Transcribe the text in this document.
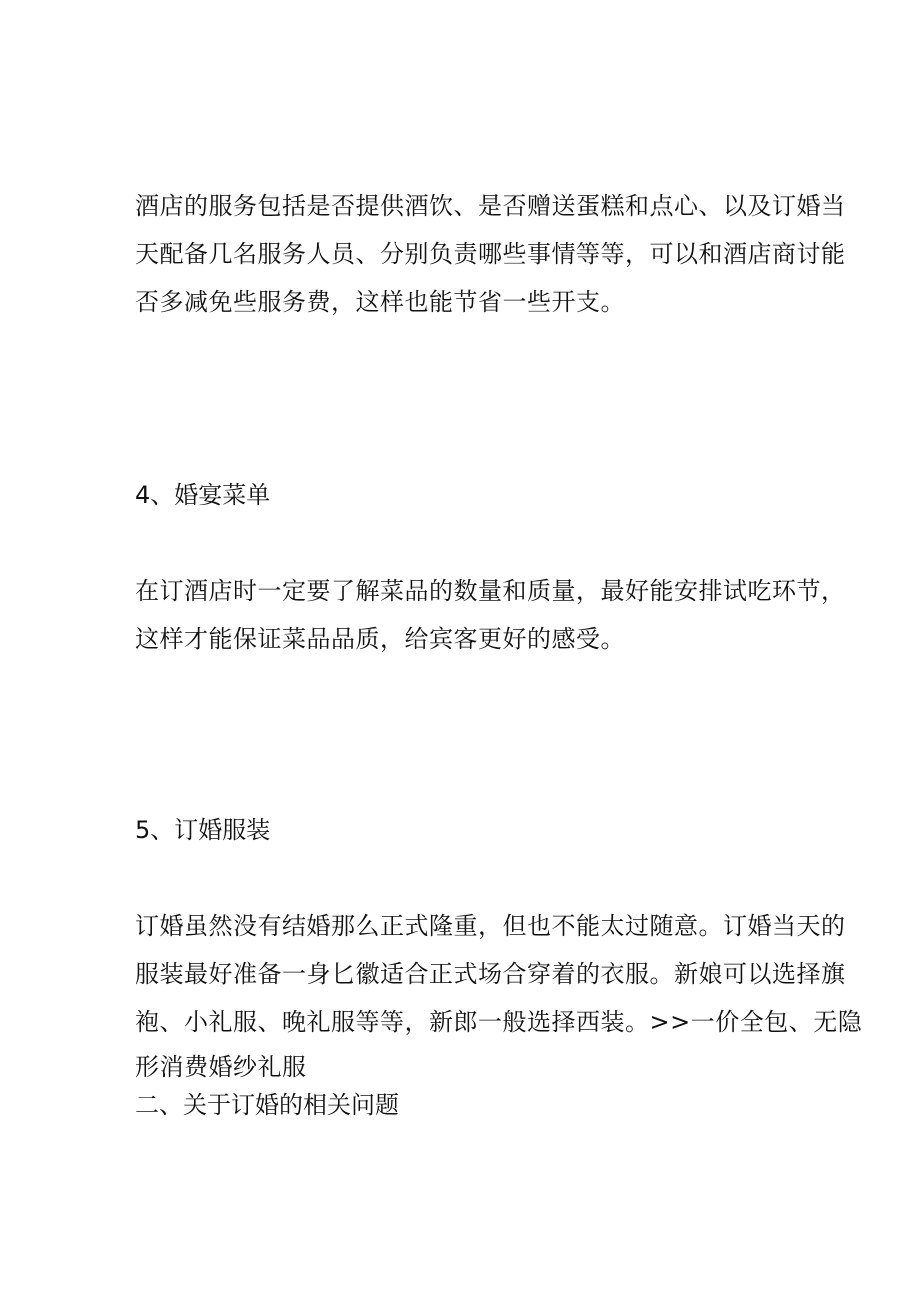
酒店的服务包括是否提供酒饮、是否赠送蛋糕和点心、以及订婚当
天配备几名服务人员、分别负责哪些事情等等，可以和酒店商讨能
否多减免些服务费，这样也能节省一些开支。

4、婚宴菜单

在订酒店时一定要了解菜品的数量和质量，最好能安排试吃环节，
这样才能保证菜品品质，给宾客更好的感受。

5、订婚服装

订婚虽然没有结婚那么正式隆重，但也不能太过随意。订婚当天的
服装最好准备一身匕徽适合正式场合穿着的衣服。新娘可以选择旗
袍、小礼服、晚礼服等等，新郎一般选择西装。>>一价全包、无隐
形消费婚纱礼服

二、关于订婚的相关问题
